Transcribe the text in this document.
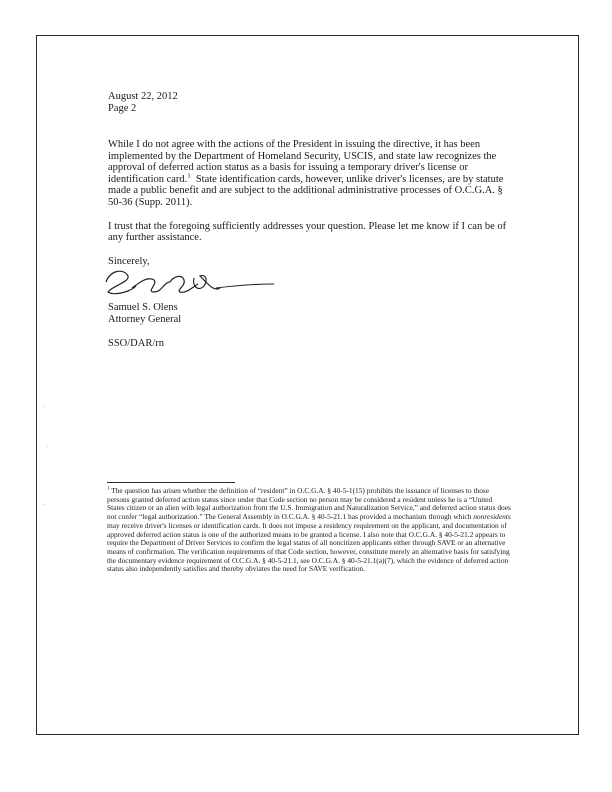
August 22, 2012

Page 2

While I do not agree with the actions of the President in issuing the directive, it has been implemented by the Department of Homeland Security, USCIS, and state law recognizes the approval of deferred action status as a basis for issuing a temporary driver's license or identification card.$^1$ State identification cards, however, unlike driver's licenses, are by statute made a public benefit and are subject to the additional administrative processes of O.C.G.A. § 50-36 (Supp. 2011).

I trust that the foregoing sufficiently addresses your question. Please let me know if I can be of any further assistance.

Sincerely,

Samuel S. Olens

Attorney General

SSO/DAR/rn

$^1$ The question has arisen whether the definition of “resident” in O.C.G.A. § 40-5-1(15) prohibits the issuance of licenses to those persons granted deferred action status since under that Code section no person may be considered a resident unless he is a “United States citizen or an alien with legal authorization from the U.S. Immigration and Naturalization Service,” and deferred action status does not confer “legal authorization.” The General Assembly in O.C.G.A. § 40-5-21.1 has provided a mechanism through which nonresidents may receive driver's licenses or identification cards. It does not impose a residency requirement on the applicant, and documentation of approved deferred action status is one of the authorized means to be granted a license. I also note that O.C.G.A. § 40-5-21.2 appears to require the Department of Driver Services to confirm the legal status of all noncitizen applicants either through SAVE or an alternative means of confirmation. The verification requirements of that Code section, however, constitute merely an alternative basis for satisfying the documentary evidence requirement of O.C.G.A. § 40-5-21.1, see O.C.G.A. § 40-5-21.1(a)(7), which the evidence of deferred action status also independently satisfies and thereby obviates the need for SAVE verification.
